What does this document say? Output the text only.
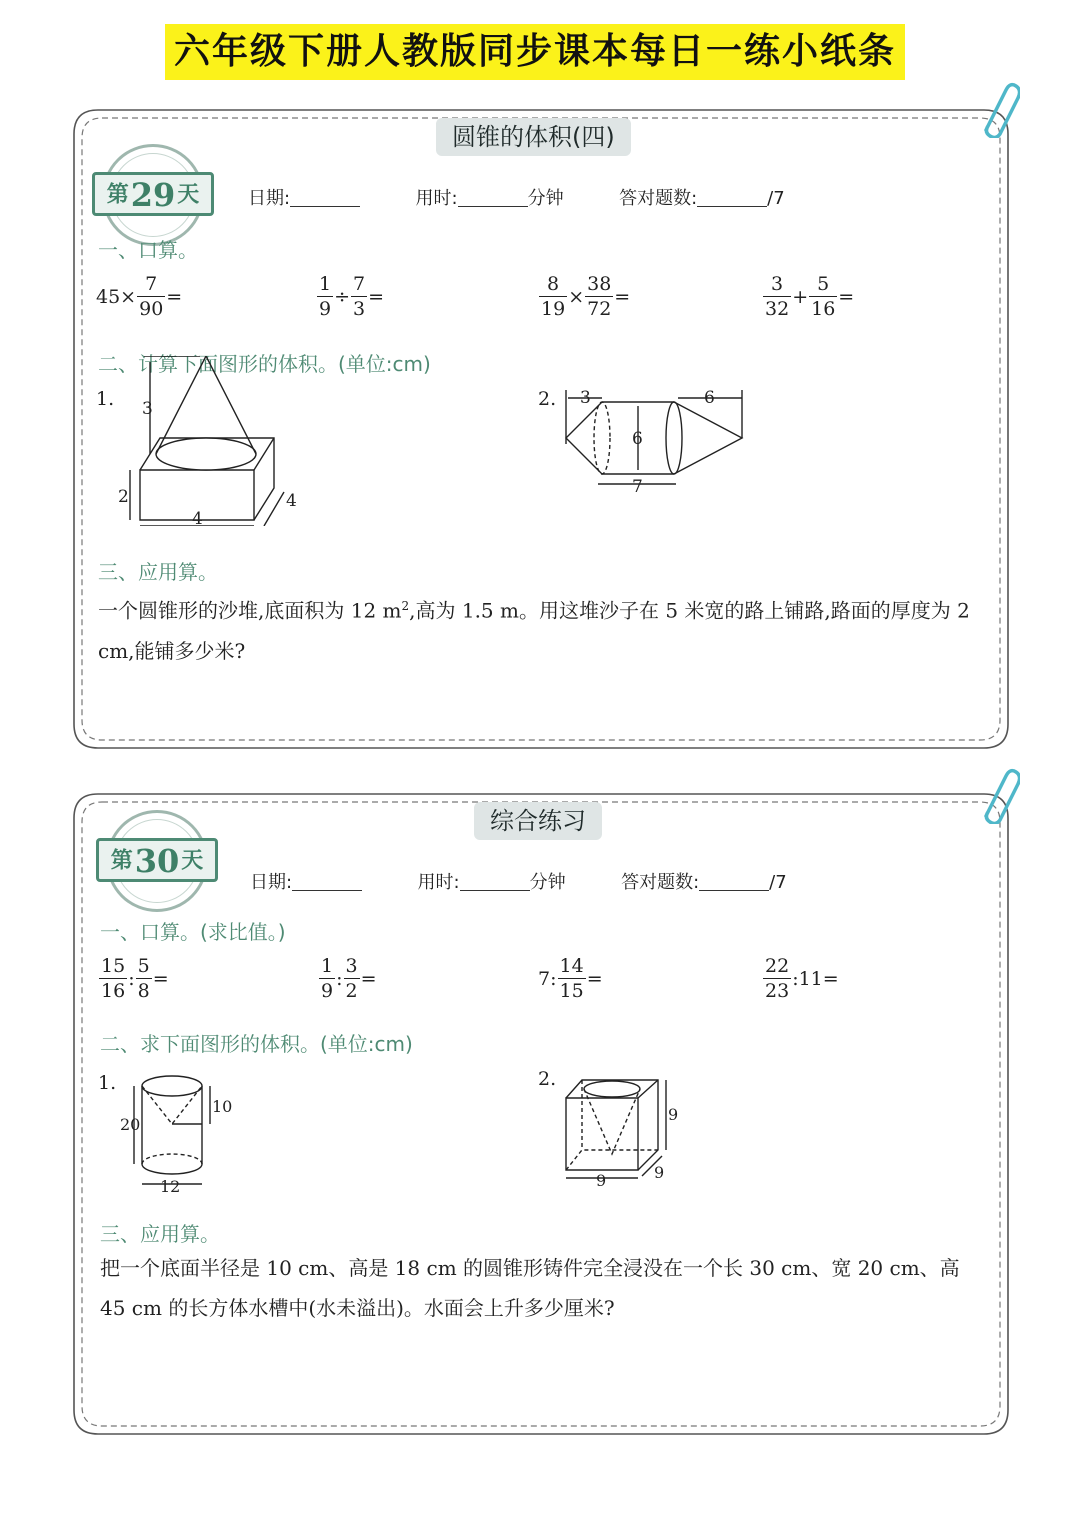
六年级下册人教版同步课本每日一练小纸条
圆锥的体积(四)
第29天	日期:	用时:	分钟	答对题数:	/7
一、口算。
$45\times \frac{7}{90}$ =	$\frac{1}{9} \div \frac{7}{3}$ =	$\frac{8}{19} \times \frac{38}{72}$ =	$\frac{3}{32} + \frac{5}{16}$ =
二、计算下面图形的体积。(单位:cm)
1. 3
2
4
4
2. 3
6
6
7
三、应用算。
一个圆锥形的沙堆,底面积为 12 $m^2$,高为 1.5 m。用这堆沙子在 5 米宽的路上铺路,路面的厚度为 2 cm,能铺多少米?
综合练习
第30天
日期:	用时:	分钟	答对题数:	/7
一、口算。(求比值。)
$\frac{15}{16}$ : $\frac{5}{8}$ =	$\frac{1}{9}$ : $\frac{3}{2}$ =	7: $\frac{14}{15}$ =	$\frac{22}{23}$ :11=
二、求下面图形的体积。(单位:cm)
1.
20
10
12
2.
9
9	9
三、应用算。
把一个底面半径是 10 cm、高是 18 cm 的圆锥形铸件完全浸没在一个长 30 cm、宽 20 cm、高 45 cm 的长方体水槽中(水未溢出)。水面会上升多少厘米?
